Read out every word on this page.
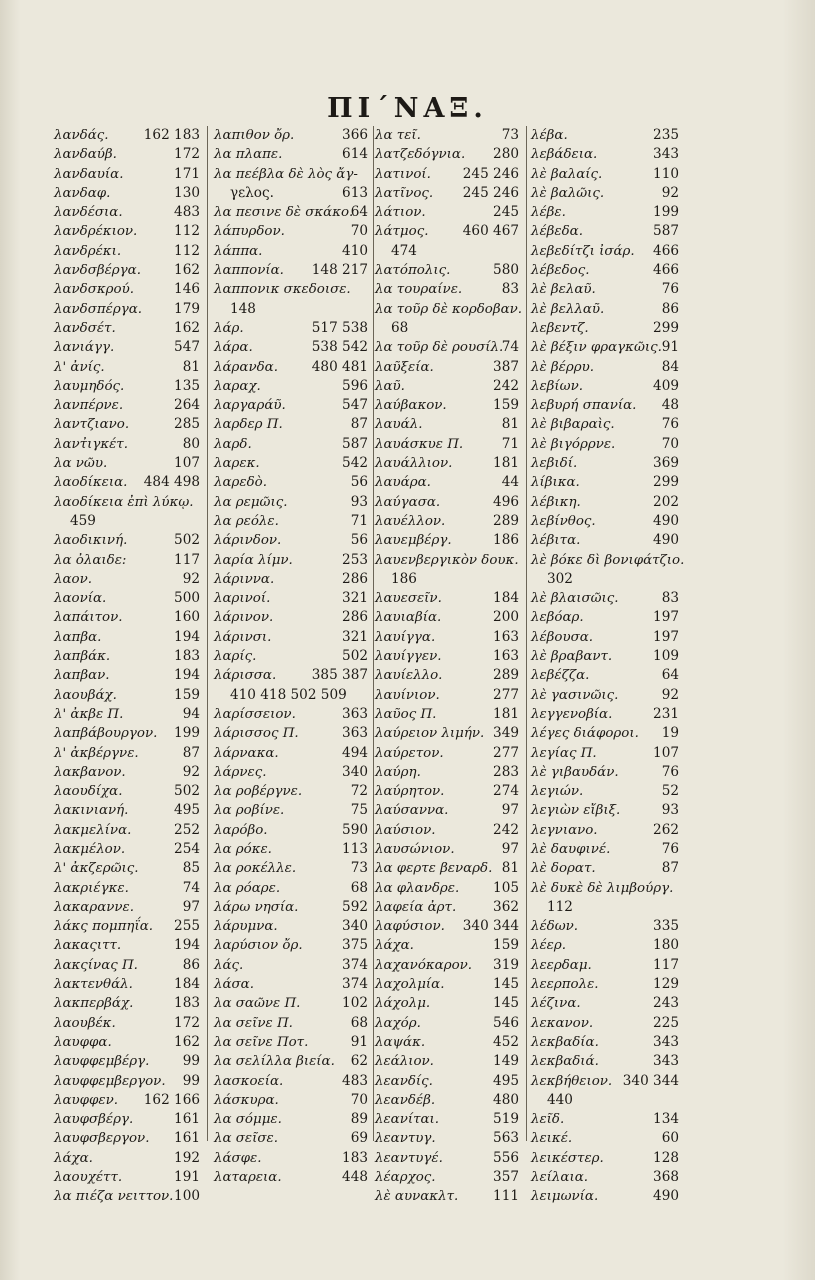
ΠΙ΄ΝΑΞ.
λανδάς.	162 183
λανδαύβ.	172
λανδαυία.	171
λανδαφ.	130
λανδέσια.	483
λανδρέκιον.	112
λανδρέκι.	112
λανδσβέργα. 162
λανδσκρού.	146
λανδσπέργα. 179
λανδσέτ.	162
λανιάγγ.	547
λ' ἀνίς.	81
λαυμηδός.	135
λανπέρνε.	264
λαντζιανο.	285
λαντ̓ιγκέτ.	80
λα νῶυ.	107
λαοδίκεια. 484 498
λαοδίκεια ἐπὶ λύκῳ.
459
λαοδικινή.	502
λα ὀλαιδε:	117
λαον.	92
λαονία.	500
λαπάιτον.	160
λαπβα.	194
λαπβάκ.	183
λαπβαν.	194
λαουβάχ.	159
λ' ἀκβε Π.	94
λαπβάβουργον. 199
λ' ἀκβέργνε.	87
λακβανον.	92
λαουδίχα.	502
λακινιανή.	495
λακμελίνα.	252
λακμέλον.	254
λ' ἀκζερῶις.	85
λακριέγκε.	74
λακαραννε.	97
λάκς πομπηΐα. 255
λακαςιττ.	194
λακςίνας Π.	86
λακτενθάλ.	184
λακπερβάχ.	183
λαουβέκ.	172
λαυφφα.	162
λαυφφεμβέργ. 99
λαυφφεμβεργον. 99
λαυφφεν. 162 166
λαυφσβέργ.	161
λαυφσβεργον. 161
λάχα.	192
λαουχέττ.	191
λα πιέζα νειττον. 100
λαπιθον ὄρ.	366
λα πλαπε.	614
λα πεέβλα δὲ λὸς ἄγ-
γελος.	613
λα πεσινε δὲ σκάκο.
64
λάπυρδον.	70
λάππα.	410
λαππονία. 148 217
λαππονικ σκεδοισε.
148
λάρ.	517 538
λάρα.	538 542
λάρανδα. 480 481
λαραχ.	596
λαργαράῦ.	547
λαρδερ Π.	87
λαρδ.	587
λαρεκ.	542
λαρεδὸ.	56
λα ρεμῶις.	93
λα ρεόλε.	71
λάρινδον.	56
λαρία λίμν.	253
λάριννα.	286
λαρινοί.	321
λάρινον.	286
λάρινσι.	321
λαρίς.	502
λάρισσα.	385 387
410 418 502 509
λαρίσσειον.	363
λάρισσος Π.	363
λάρνακα.	494
λάρνες.	340
λα ροβέργνε.	72
λα ροβίνε.	75
λαρόβο.	590
λα ρόκε.	113
λα ροκέλλε.	73
λα ρόαρε.	68
λάρω νησία.	592
λάρυμνα.	340
λαρύσιον ὄρ.	375
λάς.	374
λάσα.	374
λα σαῶνε Π.	102
λα σεῖνε Π.	68
λα σεῖνε Ποτ.	91
λα σελίλλα βιεία. 62
λασκοεία.	483
λάσκυρα.	70
λα σόμμε.	89
λα σεῖσε.	69
λάσφε.	183
λαταρεια.	448
λα τεῖ.	73
λατζεδόγνια. 280
λατινοί. 245 246
λατῖνος. 245 246
λάτιον.	245
λάτμος.	460 467
474
λατόπολις.	580
λα τουραίνε.	83
λα τοῦρ δὲ κορδοβαν.
68
λα τοῦρ δὲ ρουσίλ.
74
λαῦξεία.	387
λαῦ.	242
λαύβακον.	159
λαυάλ.	81
λαυάσκυε Π.	71
λαυάλλιον.	181
λαυάρα.	44
λαύγασα.	496
λαυέλλον.	289
λαυεμβέργ.	186
λαυενβεργικὸν δουκ.
186
λαυεσεῖν.	184
λαυιαβία.	200
λαυίγγα.	163
λαυίγγεν.	163
λαυίελλο.	289
λαυίνιον.	277
λαῦος Π.	181
λαύρειον λιμήν. 349
λαύρετον.	277
λαύρη.	283
λαύρητον.	274
λαύσαννα.	97
λαύσιον.	242
λαυσώνιον.	97
λα φερτε βεναρδ. 81
λα φλανδρε. 105
λαφεία ἀρτ.	362
λαφύσιον. 340 344
λάχα.	159
λαχανόκαρον. 319
λαχολμία.	145
λάχολμ.	145
λαχόρ.	546
λαψάκ.	452
λεάλιον.	149
λεανδίς.	495
λεανδέβ.	480
λεανίται.	519
λεαντυγ.	563
λεαντυγέ.	556
λέαρχος.	357
λὲ αυνακλτ.	111
λέβα.	235
λεβάδεια.	343
λὲ βαλαίς.	110
λὲ βαλῶις.	92
λέβε.	199
λέβεδα.	587
λεβεδίτζι ἰσάρ. 466
λέβεδος.	466
λὲ βελαῦ.	76
λὲ βελλαῦ.	86
λεβεντζ.	299
λὲ βέξιν φραγκῶις. 91
λὲ βέρρυ.	84
λεβίων.	409
λεβυρή σπανία. 48
λὲ βιβαραὶς.	76
λὲ βιγόρρνε.	70
λεβιδί.	369
λίβικα.	299
λέβικη.	202
λεβίνθος.	490
λέβιτα.	490
λὲ βόκε δὶ βονιφάτζιο.
302
λὲ βλαισῶις.	83
λεβόαρ.	197
λέβουσα.	197
λὲ βραβαντ.	109
λεβέζζα.	64
λὲ γασινῶις.	92
λεγγενοβία.	231
λέγες διάφοροι. 19
λεγίας Π.	107
λὲ γιβαυδάν.	76
λεγιών.	52
λεγιὼν εἴβιξ.	93
λεγνιανο.	262
λὲ δαυφινέ.	76
λὲ δορατ.	87
λὲ δυκὲ δὲ λιμβούργ.
112
λέδων.	335
λέερ.	180
λεερδαμ.	117
λεερπολε.	129
λέζινα.	243
λεκανον.	225
λεκβαδία.	343
λεκβαδιά.	343
λεκβήθειον. 340 344
440
λεῖδ.	134
λεικέ.	60
λεικέστερ.	128
λείλαια.	368
λειμωνία.	490
